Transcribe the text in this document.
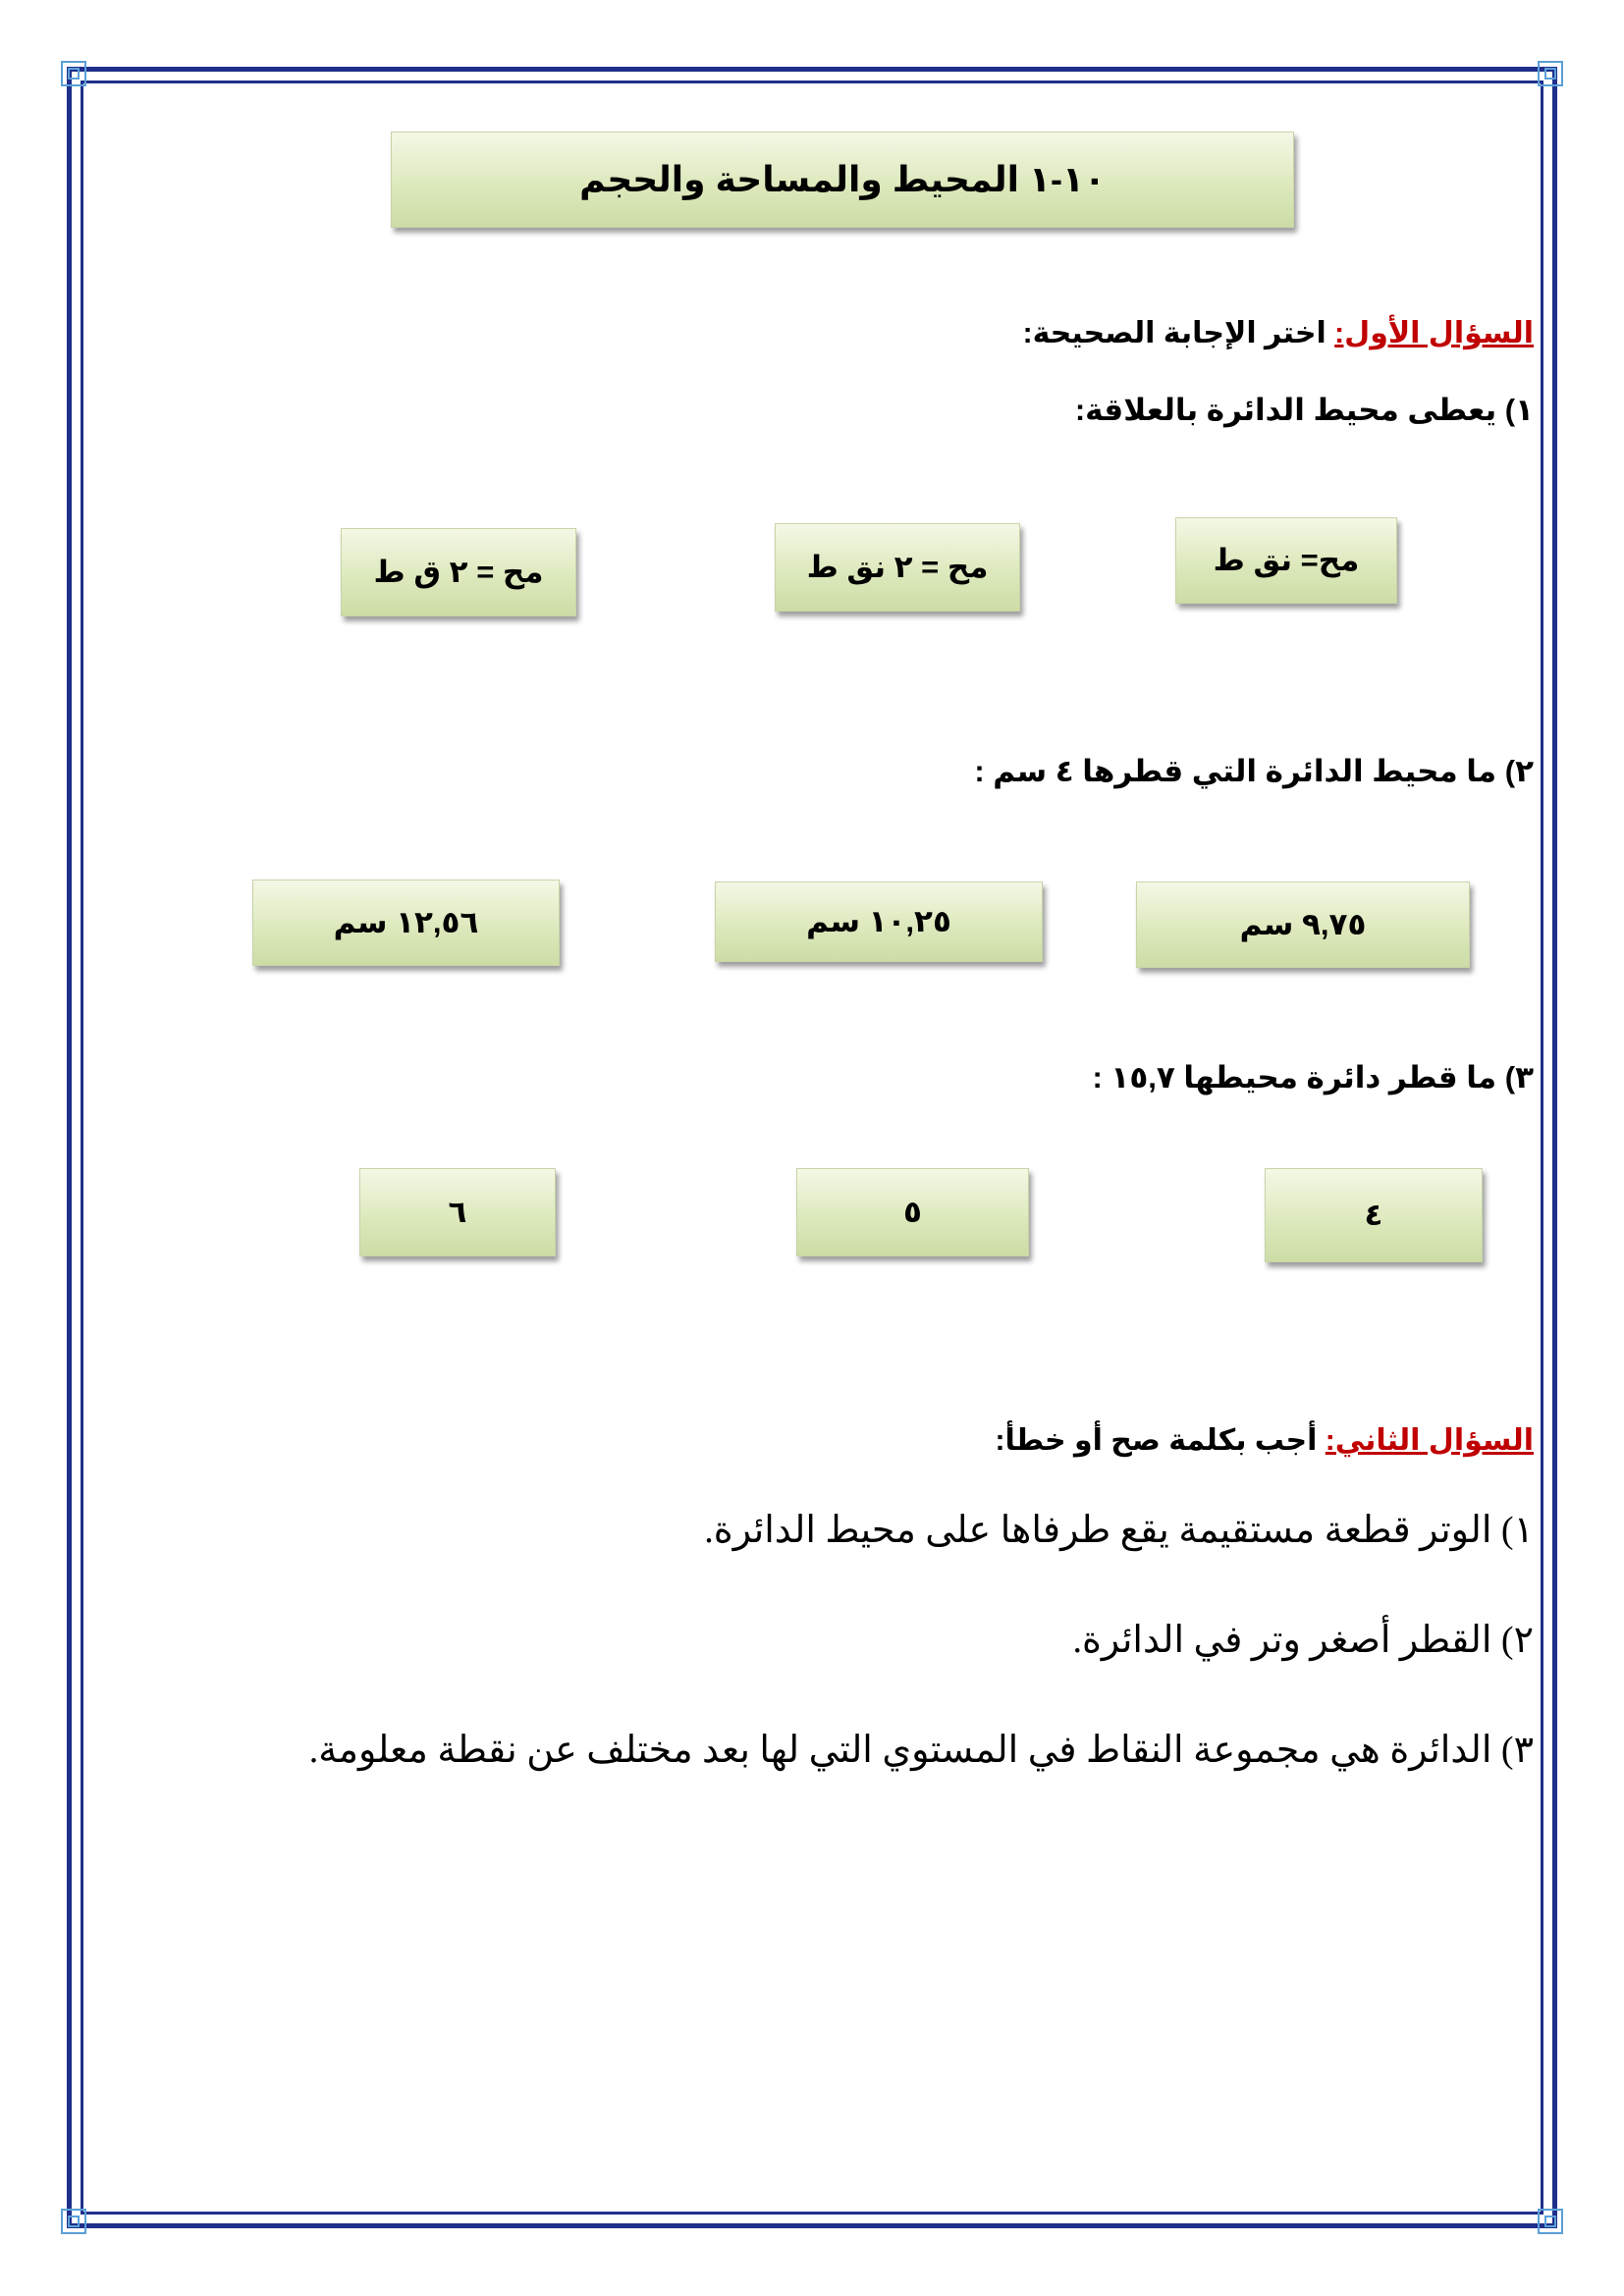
١٠-١ المحيط والمساحة والحجم
السؤال الأول: اختر الإجابة الصحيحة:
١) يعطى محيط الدائرة بالعلاقة:
مح= نق ط
مح = ٢ نق ط
مح = ٢ ق ط
٢) ما محيط الدائرة التي قطرها ٤ سم :
٩,٧٥ سم
١٠,٢٥ سم
١٢,٥٦ سم
٣) ما قطر دائرة محيطها ١٥,٧ :
٤
٥
٦
السؤال الثاني: أجب بكلمة صح أو خطأ:
١) الوتر قطعة مستقيمة يقع طرفاها على محيط الدائرة.
٢) القطر أصغر وتر في الدائرة.
٣) الدائرة هي مجموعة النقاط في المستوي التي لها بعد مختلف عن نقطة معلومة.
